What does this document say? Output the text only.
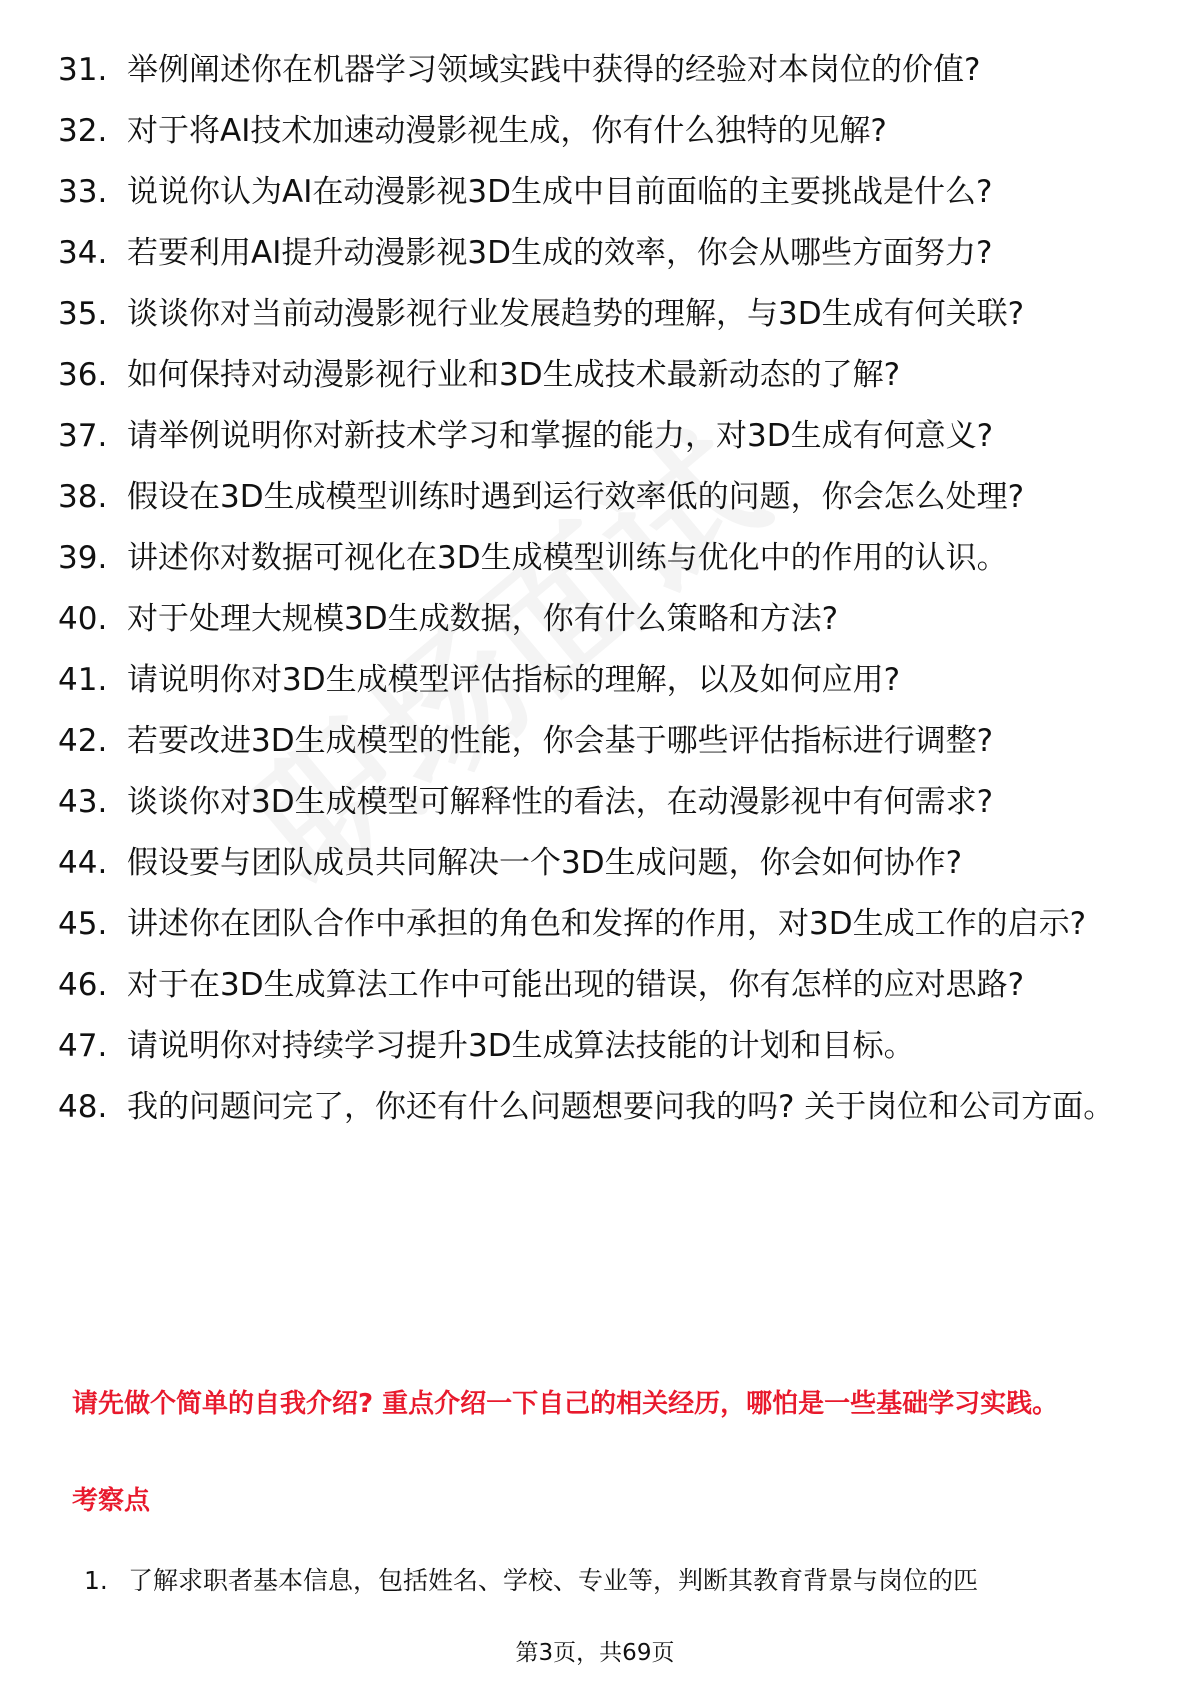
31. 举例阐述你在机器学习领域实践中获得的经验对本岗位的价值?
32. 对于将AI技术加速动漫影视生成，你有什么独特的见解?
33. 说说你认为AI在动漫影视3D生成中目前面临的主要挑战是什么?
34. 若要利用AI提升动漫影视3D生成的效率，你会从哪些方面努力?
35. 谈谈你对当前动漫影视行业发展趋势的理解，与3D生成有何关联?
36. 如何保持对动漫影视行业和3D生成技术最新动态的了解?
37. 请举例说明你对新技术学习和掌握的能力，对3D生成有何意义?
38. 假设在3D生成模型训练时遇到运行效率低的问题，你会怎么处理?
39. 讲述你对数据可视化在3D生成模型训练与优化中的作用的认识。
40. 对于处理大规模3D生成数据，你有什么策略和方法?
41. 请说明你对3D生成模型评估指标的理解，以及如何应用?
42. 若要改进3D生成模型的性能，你会基于哪些评估指标进行调整?
43. 谈谈你对3D生成模型可解释性的看法，在动漫影视中有何需求?
44. 假设要与团队成员共同解决一个3D生成问题，你会如何协作?
45. 讲述你在团队合作中承担的角色和发挥的作用，对3D生成工作的启示?
46. 对于在3D生成算法工作中可能出现的错误，你有怎样的应对思路?
47. 请说明你对持续学习提升3D生成算法技能的计划和目标。
48. 我的问题问完了，你还有什么问题想要问我的吗? 关于岗位和公司方面。
请先做个简单的自我介绍? 重点介绍一下自己的相关经历，哪怕是一些基础学习实践。
考察点
1. 了解求职者基本信息，包括姓名、学校、专业等，判断其教育背景与岗位的匹
第3页，共69页
